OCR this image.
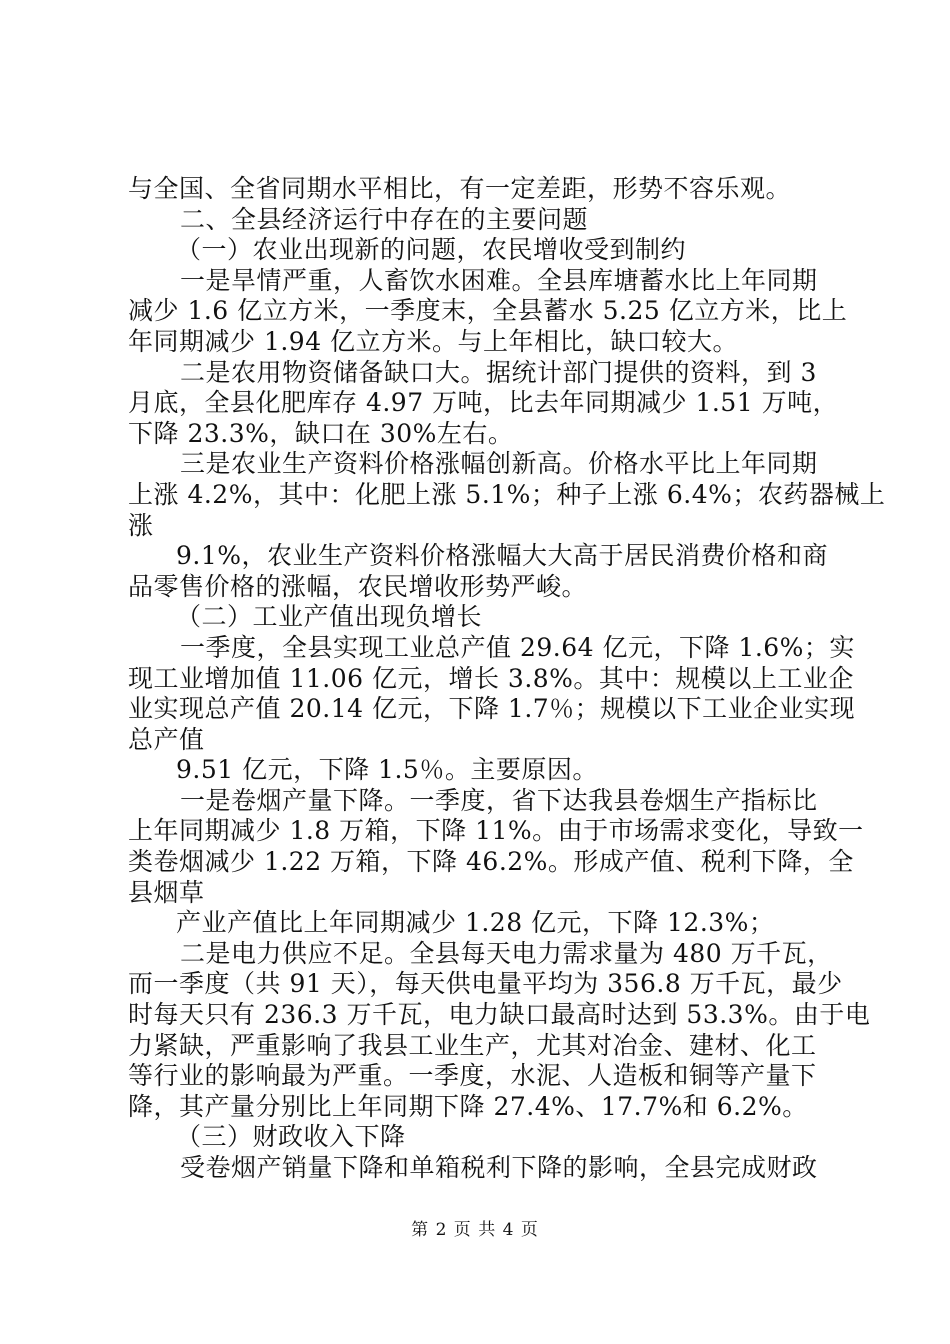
与全国、全省同期水平相比，有一定差距，形势不容乐观。
二、全县经济运行中存在的主要问题
（一）农业出现新的问题，农民增收受到制约
一是旱情严重，人畜饮水困难。全县库塘蓄水比上年同期
减少 1.6 亿立方米，一季度末，全县蓄水 5.25 亿立方米，比上
年同期减少 1.94 亿立方米。与上年相比，缺口较大。
二是农用物资储备缺口大。据统计部门提供的资料，到 3
月底，全县化肥库存 4.97 万吨，比去年同期减少 1.51 万吨，
下降 23.3%，缺口在 30%左右。
三是农业生产资料价格涨幅创新高。价格水平比上年同期
上涨 4.2%，其中：化肥上涨 5.1%；种子上涨 6.4%；农药器械上
涨
9.1%，农业生产资料价格涨幅大大高于居民消费价格和商
品零售价格的涨幅，农民增收形势严峻。
（二）工业产值出现负增长
一季度，全县实现工业总产值 29.64 亿元，下降 1.6%；实
现工业增加值 11.06 亿元，增长 3.8%。其中：规模以上工业企
业实现总产值 20.14 亿元，下降 1.7％；规模以下工业企业实现
总产值
9.51 亿元，下降 1.5％。主要原因。
一是卷烟产量下降。一季度，省下达我县卷烟生产指标比
上年同期减少 1.8 万箱，下降 11%。由于市场需求变化，导致一
类卷烟减少 1.22 万箱，下降 46.2%。形成产值、税利下降，全
县烟草
产业产值比上年同期减少 1.28 亿元，下降 12.3%；
二是电力供应不足。全县每天电力需求量为 480 万千瓦，
而一季度（共 91 天），每天供电量平均为 356.8 万千瓦，最少
时每天只有 236.3 万千瓦，电力缺口最高时达到 53.3%。由于电
力紧缺，严重影响了我县工业生产，尤其对冶金、建材、化工
等行业的影响最为严重。一季度，水泥、人造板和铜等产量下
降，其产量分别比上年同期下降 27.4%、17.7%和 6.2%。
（三）财政收入下降
受卷烟产销量下降和单箱税利下降的影响，全县完成财政
第 2 页 共 4 页
